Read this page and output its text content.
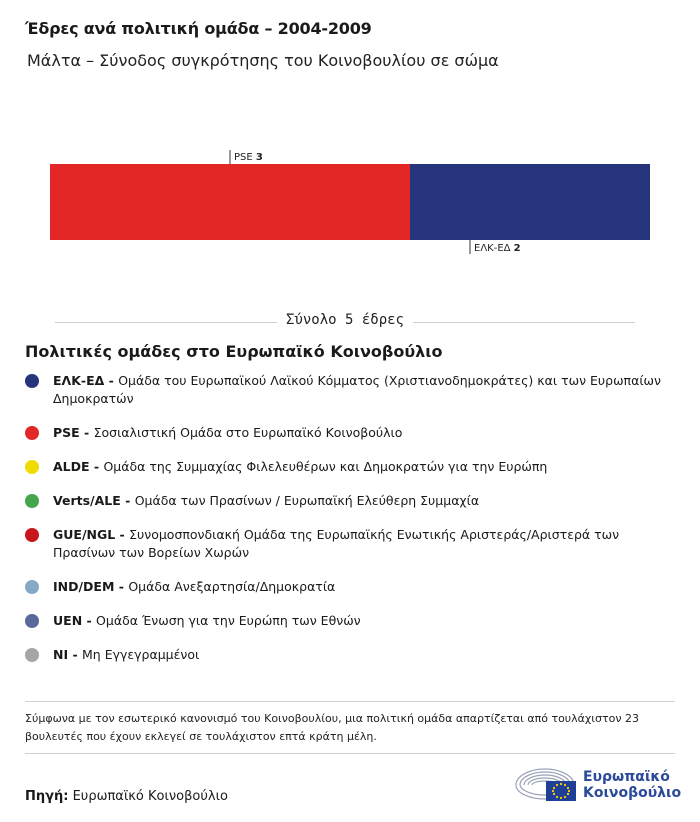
Έδρες ανά πολιτική ομάδα – 2004-2009
Μάλτα – Σύνοδος συγκρότησης του Κοινοβουλίου σε σώμα
PSE 3
ΕΛΚ-ΕΔ 2
Σύνολο 5 έδρες
Πολιτικές ομάδες στο Ευρωπαϊκό Κοινοβούλιο
ΕΛΚ-ΕΔ - Ομάδα του Ευρωπαϊκού Λαϊκού Κόμματος (Χριστιανοδημοκράτες) και των Ευρωπαίων Δημοκρατών
PSE - Σοσιαλιστική Ομάδα στο Ευρωπαϊκό Κοινοβούλιο
ALDE - Ομάδα της Συμμαχίας Φιλελευθέρων και Δημοκρατών για την Ευρώπη
Verts/ALE - Ομάδα των Πρασίνων / Ευρωπαϊκή Ελεύθερη Συμμαχία
GUE/NGL - Συνομοσπονδιακή Ομάδα της Ευρωπαϊκής Ενωτικής Αριστεράς/Αριστερά των Πρασίνων των Βορείων Χωρών
IND/DEM - Ομάδα Ανεξαρτησία/Δημοκρατία
UEN - Ομάδα Ένωση για την Ευρώπη των Εθνών
NI - Μη Εγγεγραμμένοι
Σύμφωνα με τον εσωτερικό κανονισμό του Κοινοβουλίου, μια πολιτική ομάδα απαρτίζεται από τουλάχιστον 23 βουλευτές που έχουν εκλεγεί σε τουλάχιστον επτά κράτη μέλη.
Πηγή: Ευρωπαϊκό Κοινοβούλιο
Ευρωπαϊκό
Κοινοβούλιο
